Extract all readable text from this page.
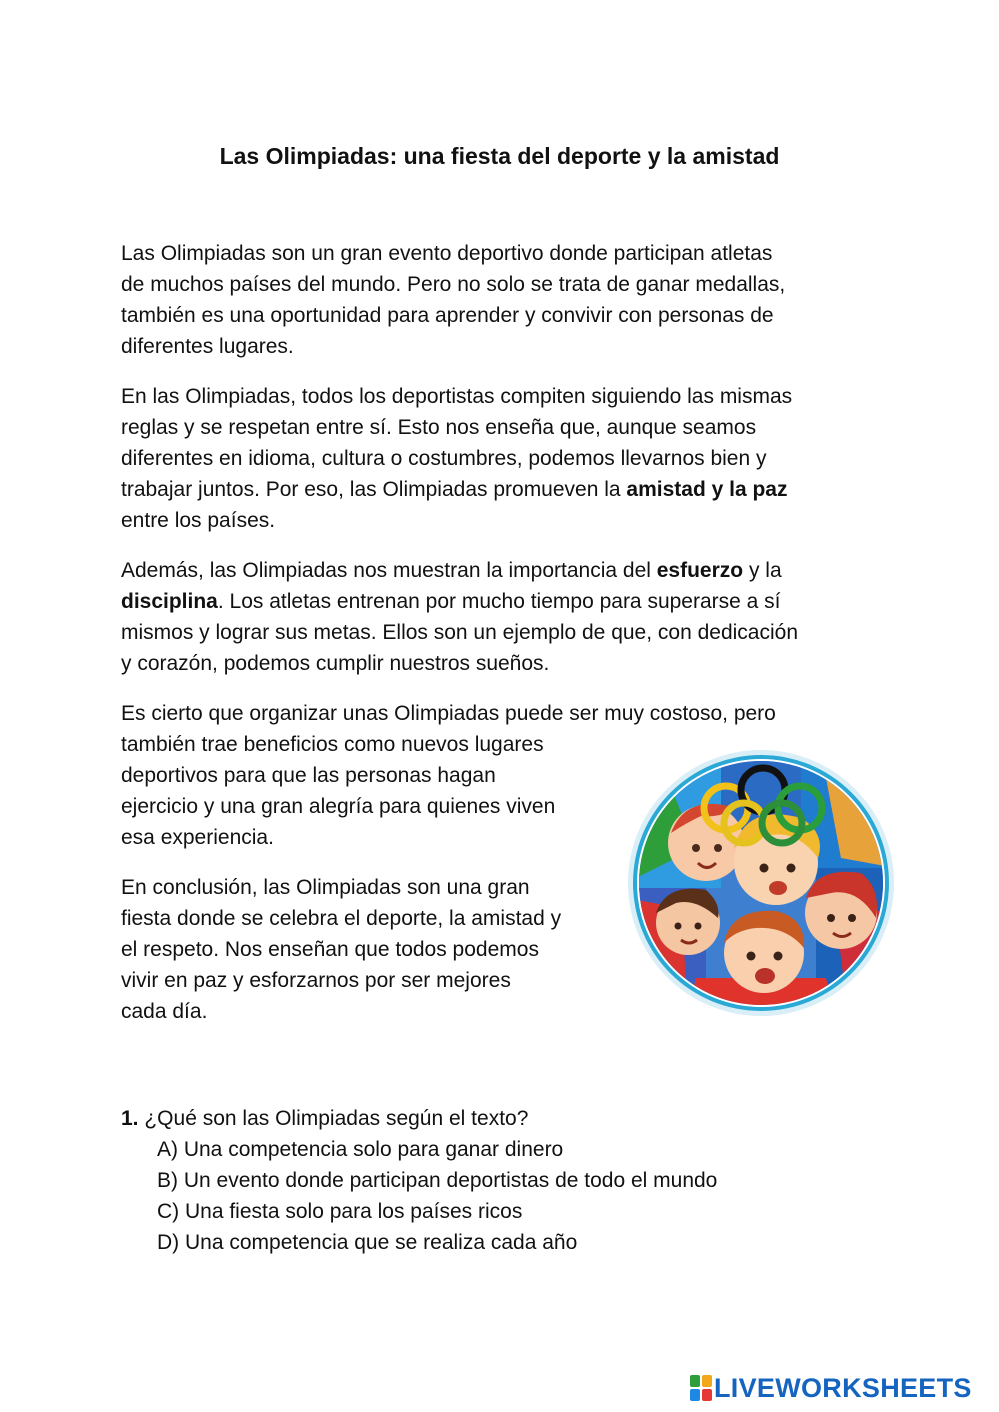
Las Olimpiadas: una fiesta del deporte y la amistad
Las Olimpiadas son un gran evento deportivo donde participan atletas
de muchos países del mundo. Pero no solo se trata de ganar medallas,
también es una oportunidad para aprender y convivir con personas de
diferentes lugares.
En las Olimpiadas, todos los deportistas compiten siguiendo las mismas
reglas y se respetan entre sí. Esto nos enseña que, aunque seamos
diferentes en idioma, cultura o costumbres, podemos llevarnos bien y
trabajar juntos. Por eso, las Olimpiadas promueven la amistad y la paz
entre los países.
Además, las Olimpiadas nos muestran la importancia del esfuerzo y la
disciplina. Los atletas entrenan por mucho tiempo para superarse a sí
mismos y lograr sus metas. Ellos son un ejemplo de que, con dedicación
y corazón, podemos cumplir nuestros sueños.
Es cierto que organizar unas Olimpiadas puede ser muy costoso, pero
también trae beneficios como nuevos lugares
deportivos para que las personas hagan
ejercicio y una gran alegría para quienes viven
esa experiencia.
En conclusión, las Olimpiadas son una gran
fiesta donde se celebra el deporte, la amistad y
el respeto. Nos enseñan que todos podemos
vivir en paz y esforzarnos por ser mejores
cada día.
1. ¿Qué son las Olimpiadas según el texto?
A) Una competencia solo para ganar dinero
B) Un evento donde participan deportistas de todo el mundo
C) Una fiesta solo para los países ricos
D) Una competencia que se realiza cada año
LIVEWORKSHEETS
